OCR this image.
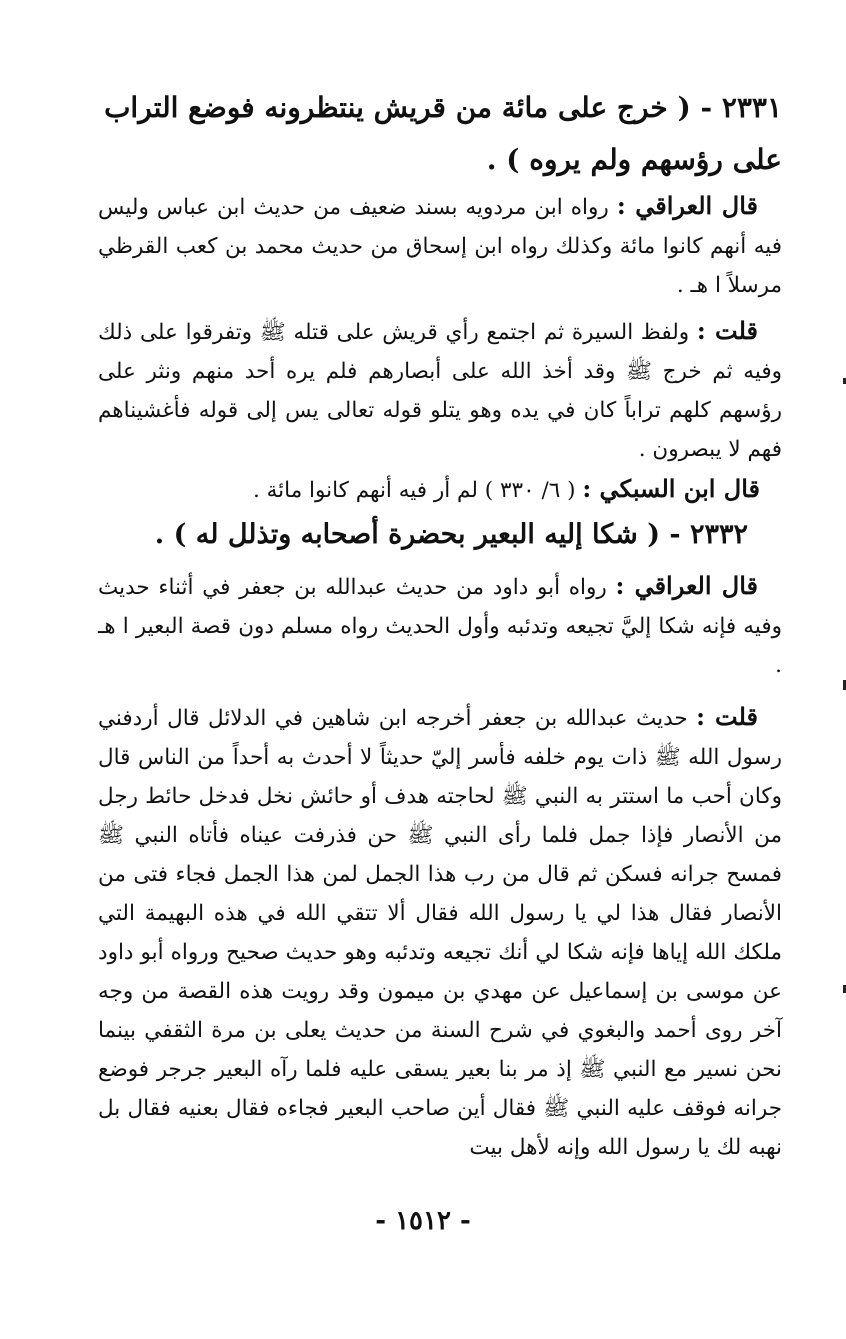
٢٣٣١ - ( خرج على مائة من قريش ينتظرونه فوضع التراب

على رؤسهم ولم يروه ) .

قال العراقي : رواه ابن مردويه بسند ضعيف من حديث ابن عباس وليس فيه أنهم كانوا مائة وكذلك رواه ابن إسحاق من حديث محمد بن كعب القرظي مرسلاً ا هـ .

قلت : ولفظ السيرة ثم اجتمع رأي قريش على قتله ﷺ وتفرقوا على ذلك وفيه ثم خرج ﷺ وقد أخذ الله على أبصارهم فلم يره أحد منهم ونثر على رؤسهم كلهم تراباً كان في يده وهو يتلو قوله تعالى يس إلى قوله فأغشيناهم فهم لا يبصرون .

قال ابن السبكي : ( ٦/ ٣٣٠ ) لم أر فيه أنهم كانوا مائة .

٢٣٣٢ - ( شكا إليه البعير بحضرة أصحابه وتذلل له ) .

قال العراقي : رواه أبو داود من حديث عبدالله بن جعفر في أثناء حديث وفيه فإنه شكا إليَّ تجيعه وتدئبه وأول الحديث رواه مسلم دون قصة البعير ا هـ .

قلت : حديث عبدالله بن جعفر أخرجه ابن شاهين في الدلائل قال أردفني رسول الله ﷺ ذات يوم خلفه فأسر إليّ حديثاً لا أحدث به أحداً من الناس قال وكان أحب ما استتر به النبي ﷺ لحاجته هدف أو حائش نخل فدخل حائط رجل من الأنصار فإذا جمل فلما رأى النبي ﷺ حن فذرفت عيناه فأتاه النبي ﷺ فمسح جرانه فسكن ثم قال من رب هذا الجمل لمن هذا الجمل فجاء فتى من الأنصار فقال هذا لي يا رسول الله فقال ألا تتقي الله في هذه البهيمة التي ملكك الله إياها فإنه شكا لي أنك تجيعه وتدئبه وهو حديث صحيح ورواه أبو داود عن موسى بن إسماعيل عن مهدي بن ميمون وقد رويت هذه القصة من وجه آخر روى أحمد والبغوي في شرح السنة من حديث يعلى بن مرة الثقفي بينما نحن نسير مع النبي ﷺ إذ مر بنا بعير يسقى عليه فلما رآه البعير جرجر فوضع جرانه فوقف عليه النبي ﷺ فقال أين صاحب البعير فجاءه فقال بعنيه فقال بل نهبه لك يا رسول الله وإنه لأهل بيت

- ١٥١٢ -
